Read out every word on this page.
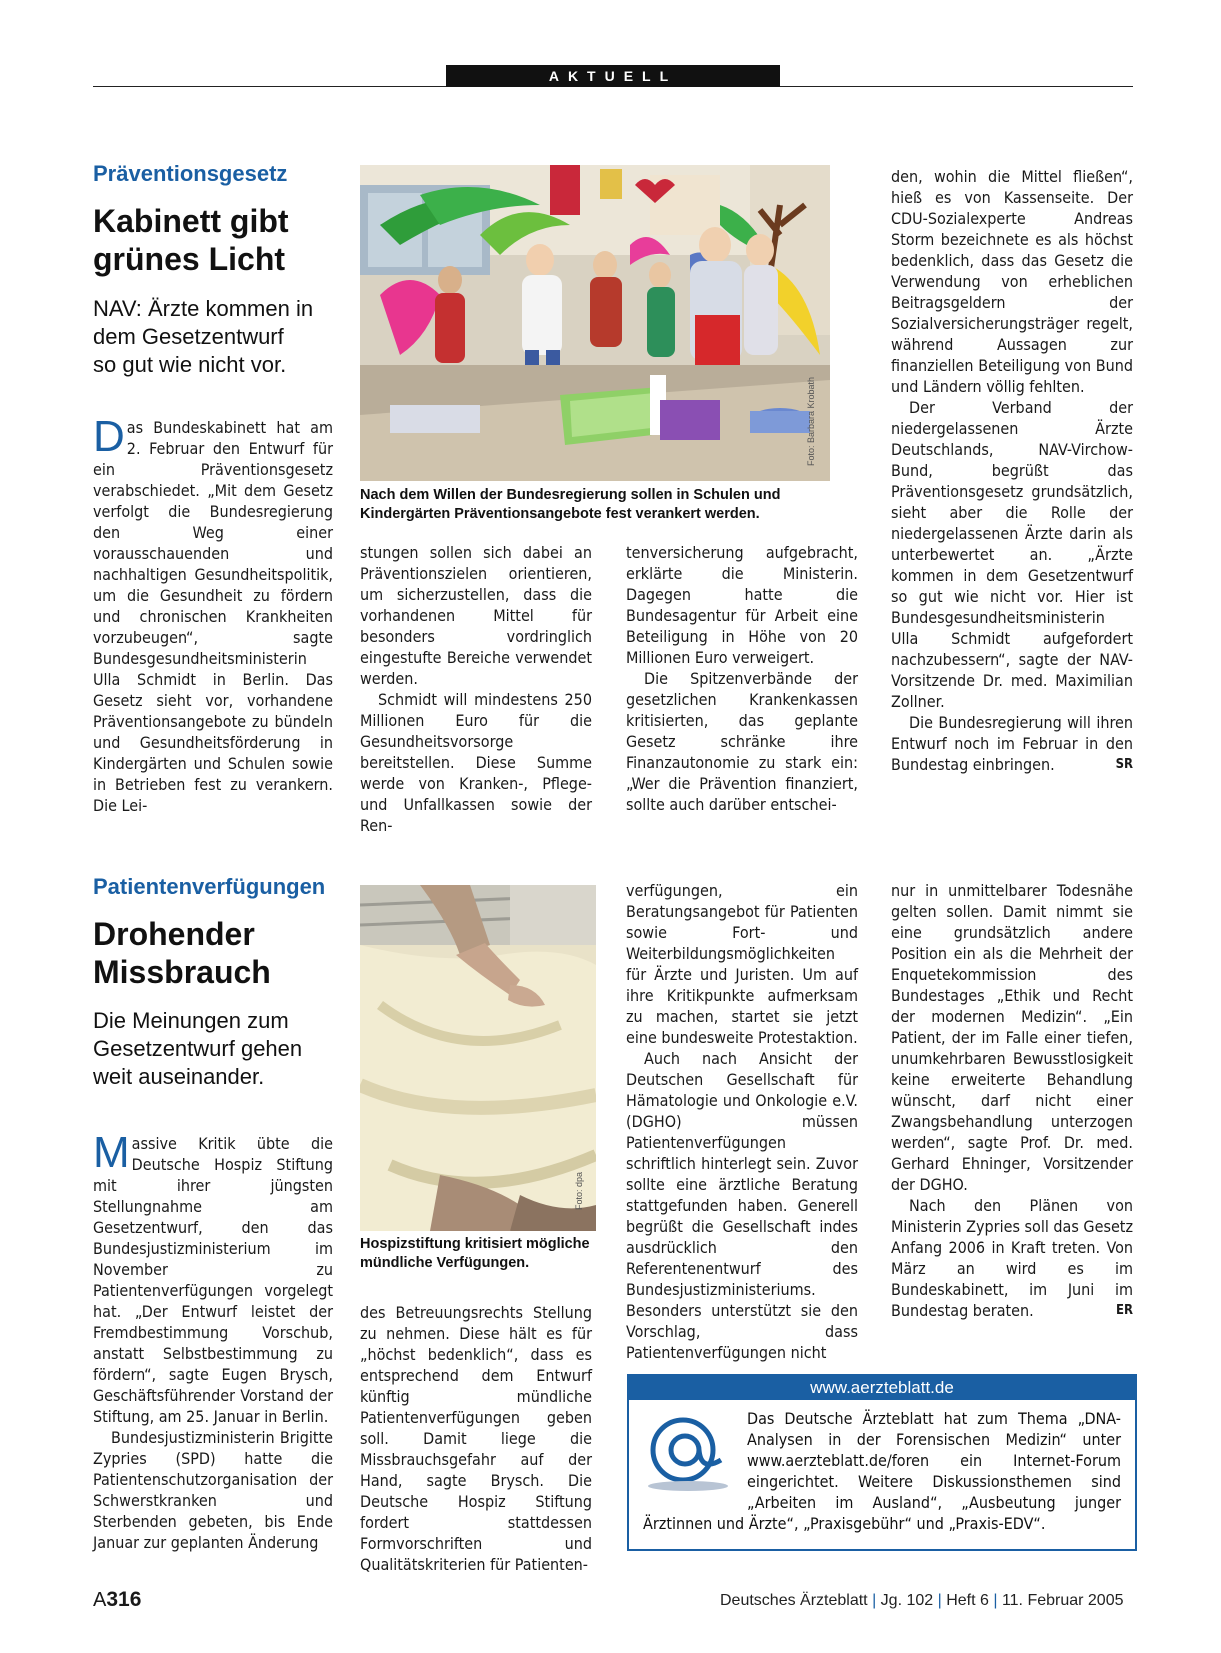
AKTUELL
Präventionsgesetz
Kabinett gibt
grünes Licht
NAV: Ärzte kommen in
dem Gesetzentwurf
so gut wie nicht vor.

Das Bundeskabinett hat am 2. Februar den Entwurf für ein Präventionsgesetz verabschiedet. „Mit dem Gesetz verfolgt die Bundesregierung den Weg einer vorausschauenden und nachhaltigen Gesundheitspolitik, um die Gesundheit zu fördern und chronischen Krankheiten vorzubeugen“, sagte Bundesgesundheitsministerin Ulla Schmidt in Berlin. Das Gesetz sieht vor, vorhandene Präventionsangebote zu bündeln und Gesundheitsförderung in Kindergärten und Schulen sowie in Betrieben fest zu verankern. Die Lei-

Foto: Barbara Krobath
Nach dem Willen der Bundesregierung sollen in Schulen und Kindergärten Präventionsangebote fest verankert werden.

stungen sollen sich dabei an Präventionszielen orientieren, um sicherzustellen, dass die vorhandenen Mittel für besonders vordringlich eingestufte Bereiche verwendet werden.

Schmidt will mindestens 250 Millionen Euro für die Gesundheitsvorsorge bereitstellen. Diese Summe werde von Kranken-, Pflege- und Unfallkassen sowie der Ren-

tenversicherung aufgebracht, erklärte die Ministerin. Dagegen hatte die Bundesagentur für Arbeit eine Beteiligung in Höhe von 20 Millionen Euro verweigert.

Die Spitzenverbände der gesetzlichen Krankenkassen kritisierten, das geplante Gesetz schränke ihre Finanzautonomie zu stark ein: „Wer die Prävention finanziert, sollte auch darüber entschei-

den, wohin die Mittel fließen“, hieß es von Kassenseite. Der CDU-Sozialexperte Andreas Storm bezeichnete es als höchst bedenklich, dass das Gesetz die Verwendung von erheblichen Beitragsgeldern der Sozialversicherungsträger regelt, während Aussagen zur finanziellen Beteiligung von Bund und Ländern völlig fehlten.

Der Verband der niedergelassenen Ärzte Deutschlands, NAV-Virchow-Bund, begrüßt das Präventionsgesetz grundsätzlich, sieht aber die Rolle der niedergelassenen Ärzte darin als unterbewertet an. „Ärzte kommen in dem Gesetzentwurf so gut wie nicht vor. Hier ist Bundesgesundheitsministerin Ulla Schmidt aufgefordert nachzubessern“, sagte der NAV-Vorsitzende Dr. med. Maximilian Zollner.

Die Bundesregierung will ihren Entwurf noch im Februar in den Bundestag einbringen.	SR

Patientenverfügungen
Drohender
Missbrauch
Die Meinungen zum
Gesetzentwurf gehen
weit auseinander.

Massive Kritik übte die Deutsche Hospiz Stiftung mit ihrer jüngsten Stellungnahme am Gesetzentwurf, den das Bundesjustizministerium im November zu Patientenverfügungen vorgelegt hat. „Der Entwurf leistet der Fremdbestimmung Vorschub, anstatt Selbstbestimmung zu fördern“, sagte Eugen Brysch, Geschäftsführender Vorstand der Stiftung, am 25. Januar in Berlin.

Bundesjustizministerin Brigitte Zypries (SPD) hatte die Patientenschutzorganisation der Schwerstkranken und Sterbenden gebeten, bis Ende Januar zur geplanten Änderung

Foto: dpa
Hospizstiftung kritisiert mögliche mündliche Verfügungen.

des Betreuungsrechts Stellung zu nehmen. Diese hält es für „höchst bedenklich“, dass es entsprechend dem Entwurf künftig mündliche Patientenverfügungen geben soll. Damit liege die Missbrauchsgefahr auf der Hand, sagte Brysch. Die Deutsche Hospiz Stiftung fordert stattdessen Formvorschriften und Qualitätskriterien für Patienten-

verfügungen, ein Beratungsangebot für Patienten sowie Fort- und Weiterbildungsmöglichkeiten für Ärzte und Juristen. Um auf ihre Kritikpunkte aufmerksam zu machen, startet sie jetzt eine bundesweite Protestaktion.

Auch nach Ansicht der Deutschen Gesellschaft für Hämatologie und Onkologie e.V. (DGHO) müssen Patientenverfügungen schriftlich hinterlegt sein. Zuvor sollte eine ärztliche Beratung stattgefunden haben. Generell begrüßt die Gesellschaft indes ausdrücklich den Referentenentwurf des Bundesjustizministeriums. Besonders unterstützt sie den Vorschlag, dass Patientenverfügungen nicht

nur in unmittelbarer Todesnähe gelten sollen. Damit nimmt sie eine grundsätzlich andere Position ein als die Mehrheit der Enquetekommission des Bundestages „Ethik und Recht der modernen Medizin“. „Ein Patient, der im Falle einer tiefen, unumkehrbaren Bewusstlosigkeit keine erweiterte Behandlung wünscht, darf nicht einer Zwangsbehandlung unterzogen werden“, sagte Prof. Dr. med. Gerhard Ehninger, Vorsitzender der DGHO.

Nach den Plänen von Ministerin Zypries soll das Gesetz Anfang 2006 in Kraft treten. Von März an wird es im Bundeskabinett, im Juni im Bundestag beraten.	ER

www.aerzteblatt.de
Das Deutsche Ärzteblatt hat zum Thema „DNA-Analysen in der Forensischen Medizin“ unter www.aerzteblatt.de/foren ein Internet-Forum eingerichtet. Weitere Diskussionsthemen sind „Arbeiten im Ausland“, „Ausbeutung junger Ärztinnen und Ärzte“, „Praxisgebühr“ und „Praxis-EDV“.
A316	Deutsches Ärzteblatt | Jg. 102 | Heft 6 | 11. Februar 2005
